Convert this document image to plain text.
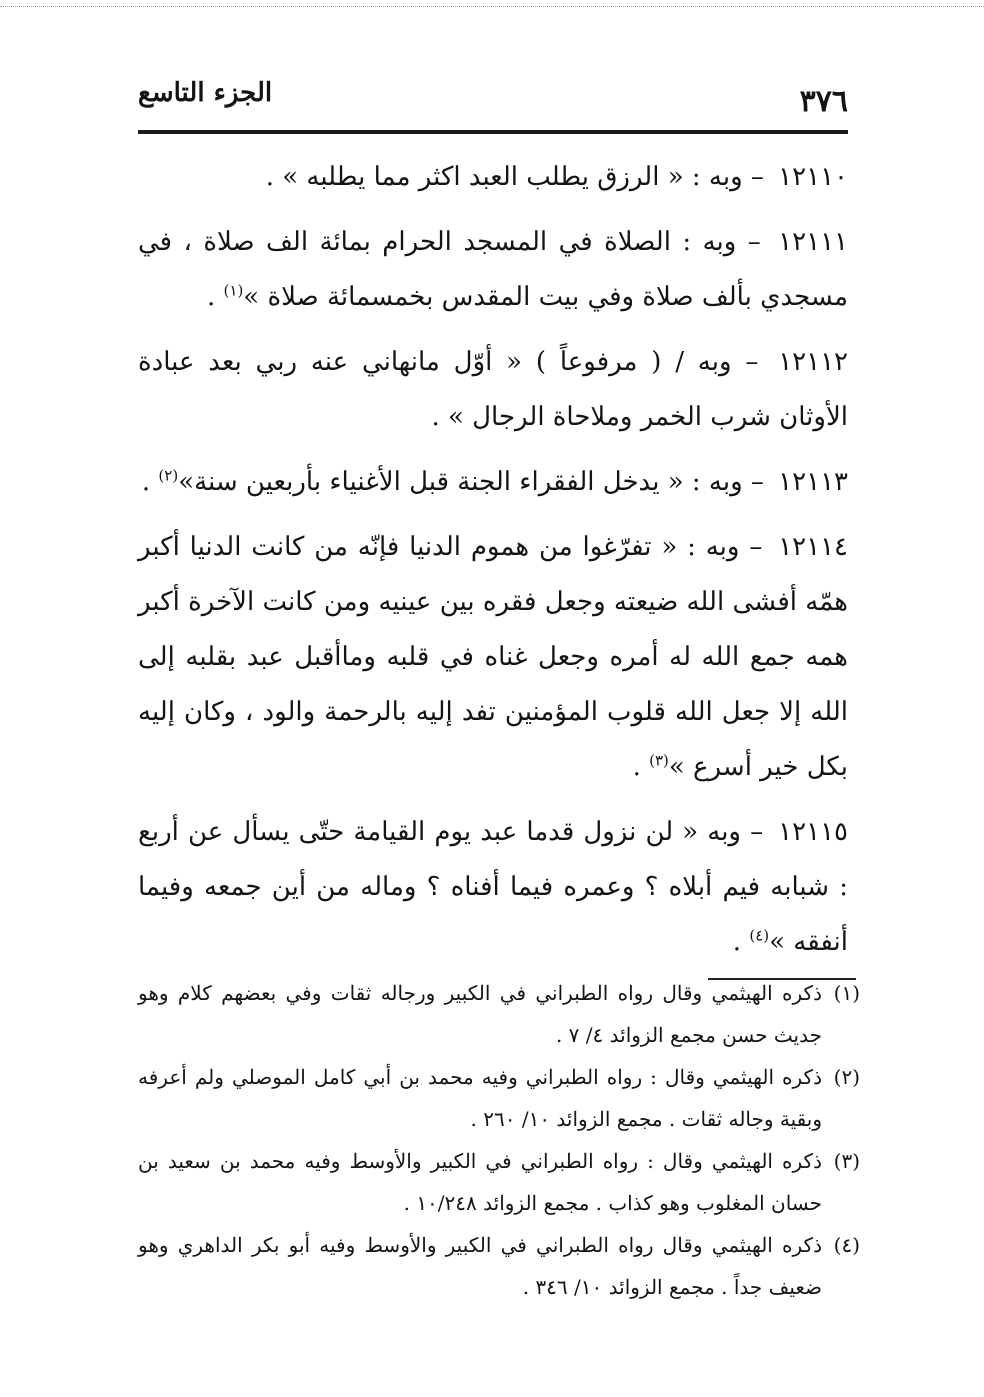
٣٧٦
الجزء التاسع

١٢١١٠ – وبه : « الرزق يطلب العبد اكثر مما يطلبه » .

١٢١١١ – وبه : الصلاة في المسجد الحرام بمائة الف صلاة ، في مسجدي بألف صلاة وفي بيت المقدس بخمسمائة صلاة »$^{(١)}$ .

١٢١١٢ – وبه / ( مرفوعاً ) « أوّل مانهاني عنه ربي بعد عبادة الأوثان شرب الخمر وملاحاة الرجال » .

١٢١١٣ – وبه : « يدخل الفقراء الجنة قبل الأغنياء بأربعين سنة»$^{(٢)}$ .

١٢١١٤ – وبه : « تفرّغوا من هموم الدنيا فإنّه من كانت الدنيا أكبر همّه أفشى الله ضيعته وجعل فقره بين عينيه ومن كانت الآخرة أكبر همه جمع الله له أمره وجعل غناه في قلبه وماأقبل عبد بقلبه إلى الله إلا جعل الله قلوب المؤمنين تفد إليه بالرحمة والود ، وكان إليه بكل خير أسرع »$^{(٣)}$ .

١٢١١٥ – وبه « لن نزول قدما عبد يوم القيامة حتّى يسأل عن أربع : شبابه فيم أبلاه ؟ وعمره فيما أفناه ؟ وماله من أين جمعه وفيما أنفقه »$^{(٤)}$ .

(١)ذكره الهيثمي وقال رواه الطبراني في الكبير ورجاله ثقات وفي بعضهم كلام وهو جديث حسن مجمع الزوائد ٤/ ٧ .

(٢)ذكره الهيثمي وقال : رواه الطبراني وفيه محمد بن أبي كامل الموصلي ولم أعرفه وبقية وجاله ثقات . مجمع الزوائد ١٠/ ٢٦٠ .

(٣)ذكره الهيثمي وقال : رواه الطبراني في الكبير والأوسط وفيه محمد بن سعيد بن حسان المغلوب وهو كذاب . مجمع الزوائد ١٠/٢٤٨ .

(٤)ذكره الهيثمي وقال رواه الطبراني في الكبير والأوسط وفيه أبو بكر الداهري وهو ضعيف جداً . مجمع الزوائد ١٠/ ٣٤٦ .
